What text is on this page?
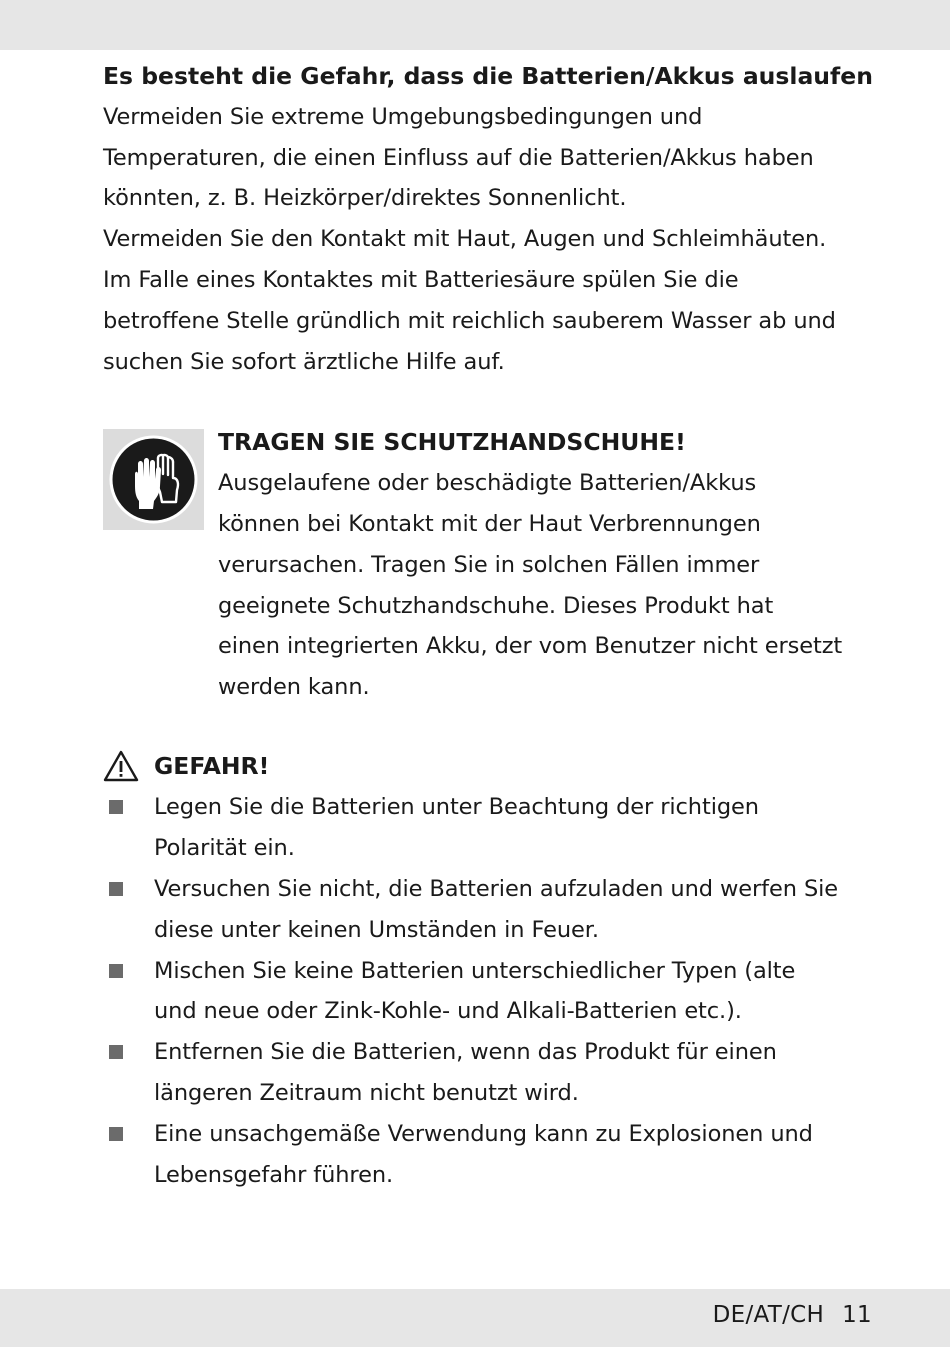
Es besteht die Gefahr, dass die Batterien/Akkus auslaufen

Vermeiden Sie extreme Umgebungsbedingungen und
Temperaturen, die einen Einfluss auf die Batterien/Akkus haben
könnten, z. B. Heizkörper/direktes Sonnenlicht.
Vermeiden Sie den Kontakt mit Haut, Augen und Schleimhäuten.
Im Falle eines Kontaktes mit Batteriesäure spülen Sie die
betroffene Stelle gründlich mit reichlich sauberem Wasser ab und
suchen Sie sofort ärztliche Hilfe auf.

TRAGEN SIE SCHUTZHANDSCHUHE!

Ausgelaufene oder beschädigte Batterien/Akkus
können bei Kontakt mit der Haut Verbrennungen
verursachen. Tragen Sie in solchen Fällen immer
geeignete Schutzhandschuhe. Dieses Produkt hat
einen integrierten Akku, der vom Benutzer nicht ersetzt
werden kann.

GEFAHR!
Legen Sie die Batterien unter Beachtung der richtigen
Polarität ein.
Versuchen Sie nicht, die Batterien aufzuladen und werfen Sie
diese unter keinen Umständen in Feuer.
Mischen Sie keine Batterien unterschiedlicher Typen (alte
und neue oder Zink-Kohle- und Alkali-Batterien etc.).
Entfernen Sie die Batterien, wenn das Produkt für einen
längeren Zeitraum nicht benutzt wird.
Eine unsachgemäße Verwendung kann zu Explosionen und
Lebensgefahr führen.
DE/AT/CH 11
